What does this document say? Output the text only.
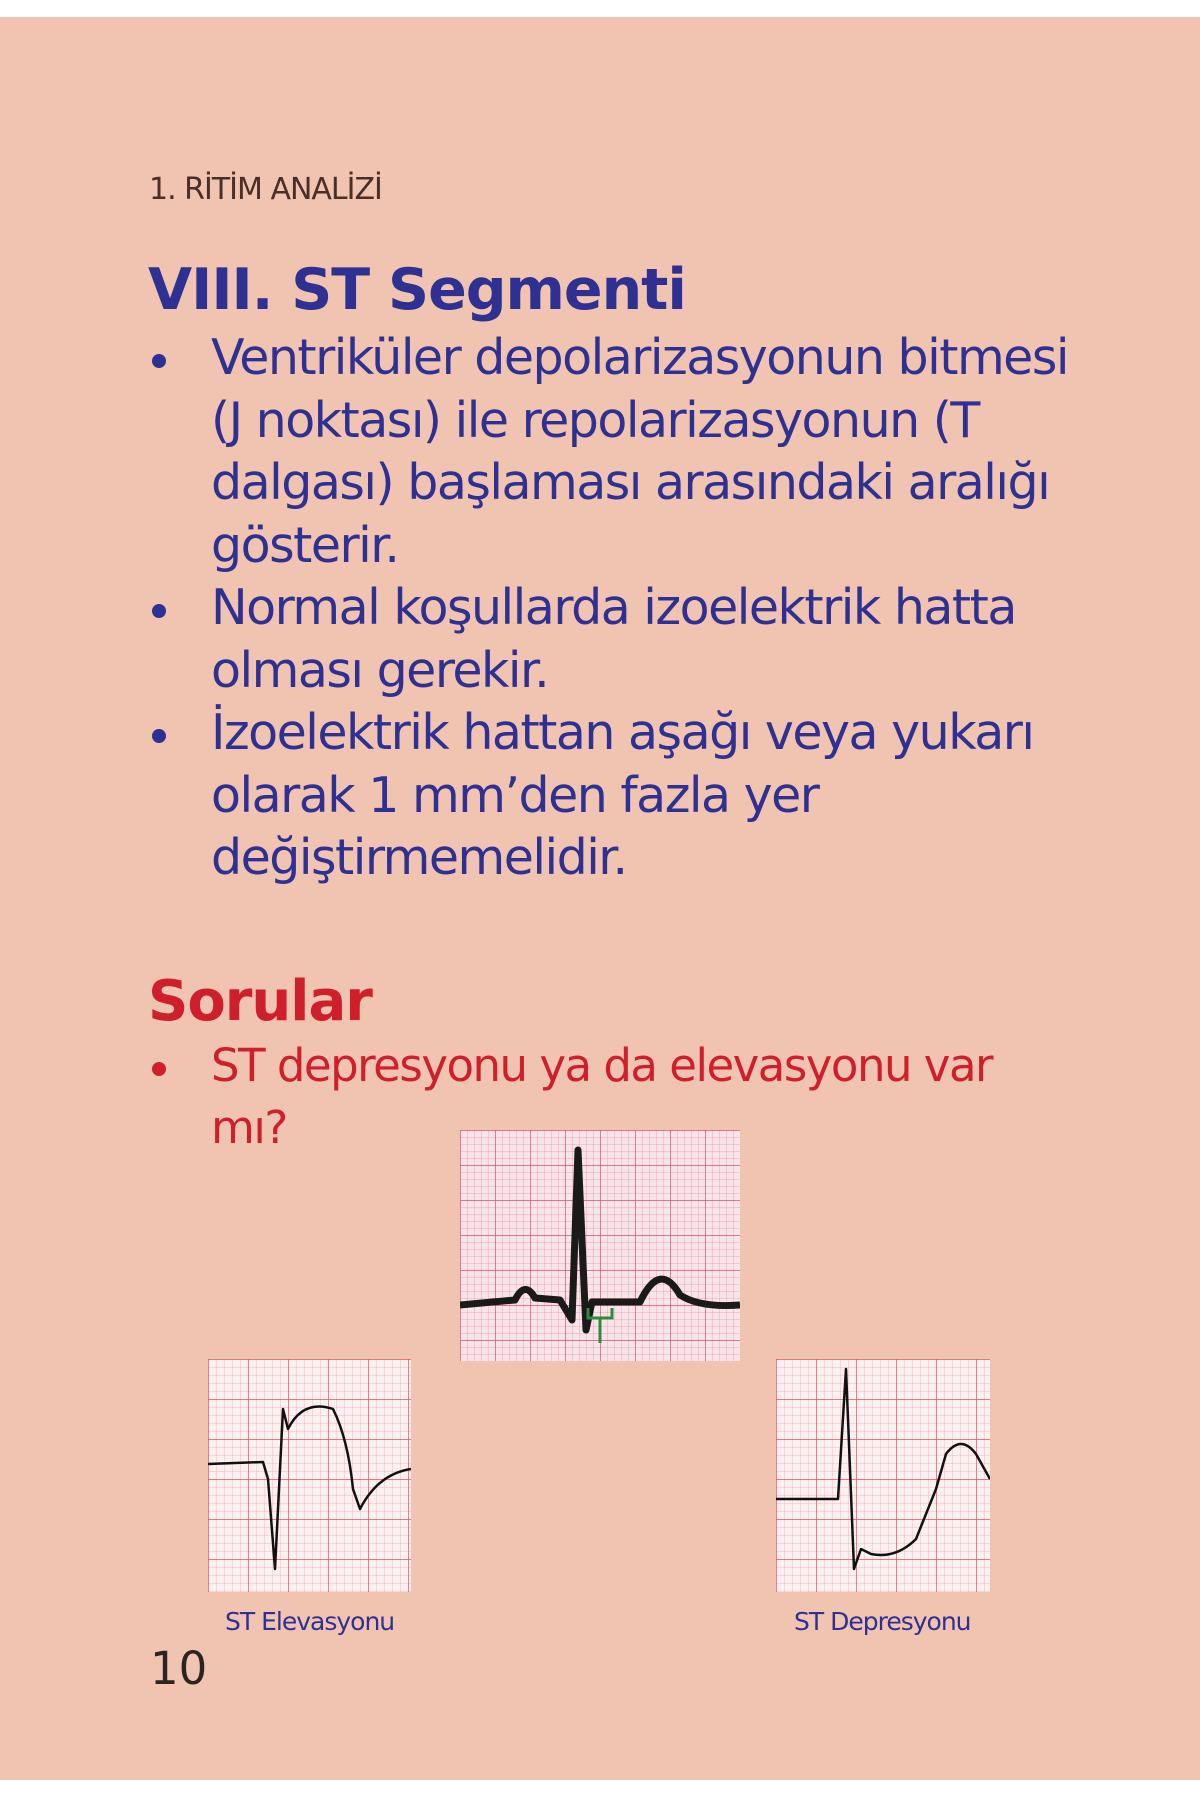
1. RİTİM ANALİZİ
VIII. ST Segmenti
Ventriküler depolarizasyonun bitmesi (J noktası) ile repolarizasyonun (T dalgası) başlaması arasındaki aralığı gösterir.
Normal koşullarda izoelektrik hatta olması gerekir.
İzoelektrik hattan aşağı veya yukarı olarak 1 mm’den fazla yer değiştirmemelidir.
Sorular
ST depresyonu ya da elevasyonu var mı?
ST Elevasyonu	ST Depresyonu
10
